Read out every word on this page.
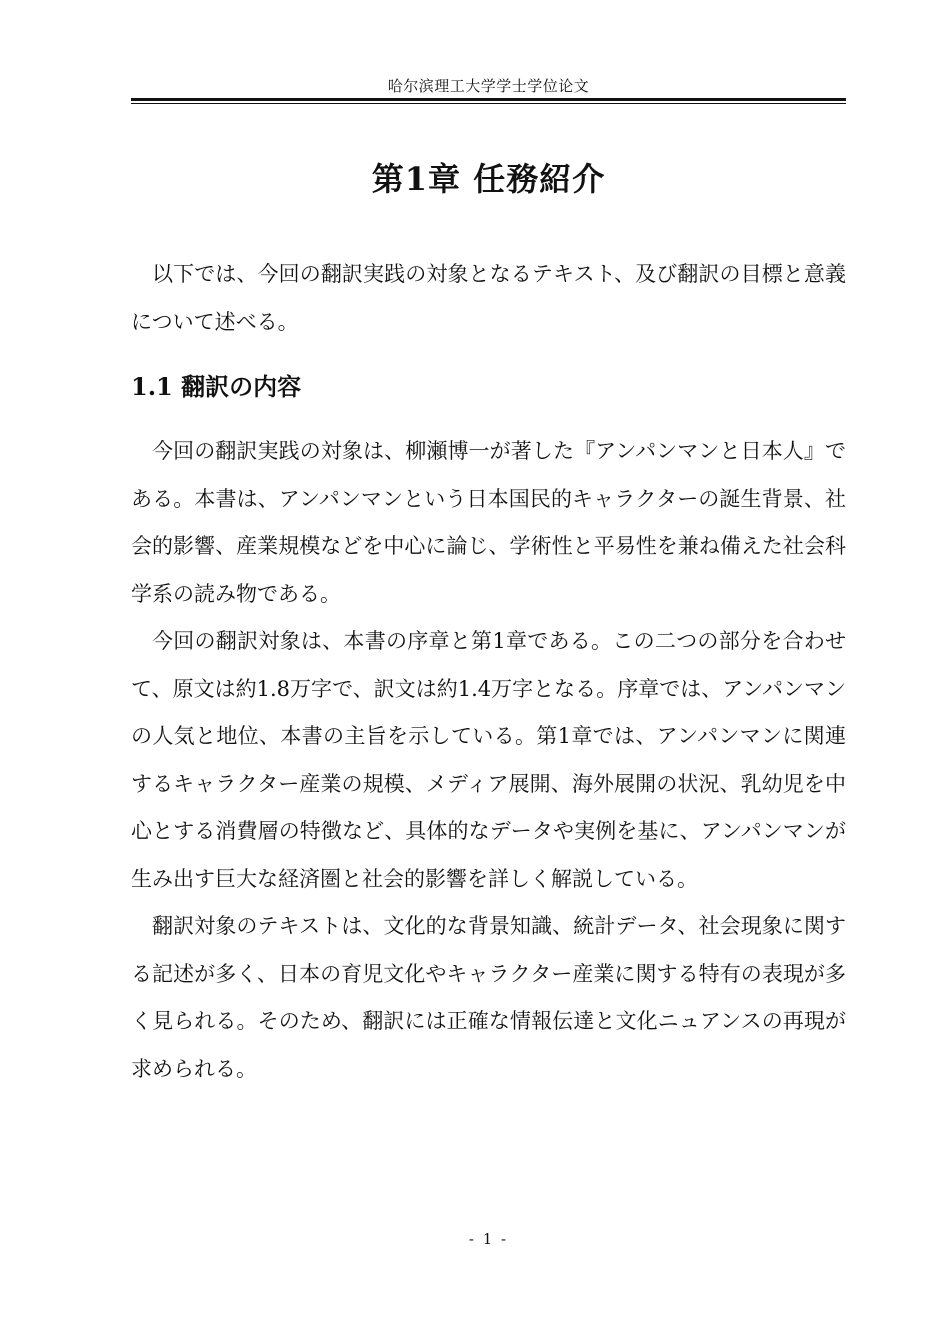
哈尔滨理工大学学士学位论文
第1章 任務紹介

以下では、今回の翻訳実践の対象となるテキスト、及び翻訳の目標と意義について述べる。

1.1 翻訳の内容

今回の翻訳実践の対象は、柳瀬博一が著した『アンパンマンと日本人』である。本書は、アンパンマンという日本国民的キャラクターの誕生背景、社会的影響、産業規模などを中心に論じ、学術性と平易性を兼ね備えた社会科学系の読み物である。

今回の翻訳対象は、本書の序章と第1章である。この二つの部分を合わせて、原文は約1.8万字で、訳文は約1.4万字となる。序章では、アンパンマンの人気と地位、本書の主旨を示している。第1章では、アンパンマンに関連するキャラクター産業の規模、メディア展開、海外展開の状況、乳幼児を中心とする消費層の特徴など、具体的なデータや実例を基に、アンパンマンが生み出す巨大な経済圏と社会的影響を詳しく解説している。

翻訳対象のテキストは、文化的な背景知識、統計データ、社会現象に関する記述が多く、日本の育児文化やキャラクター産業に関する特有の表現が多く見られる。そのため、翻訳には正確な情報伝達と文化ニュアンスの再現が求められる。

- 1 -
